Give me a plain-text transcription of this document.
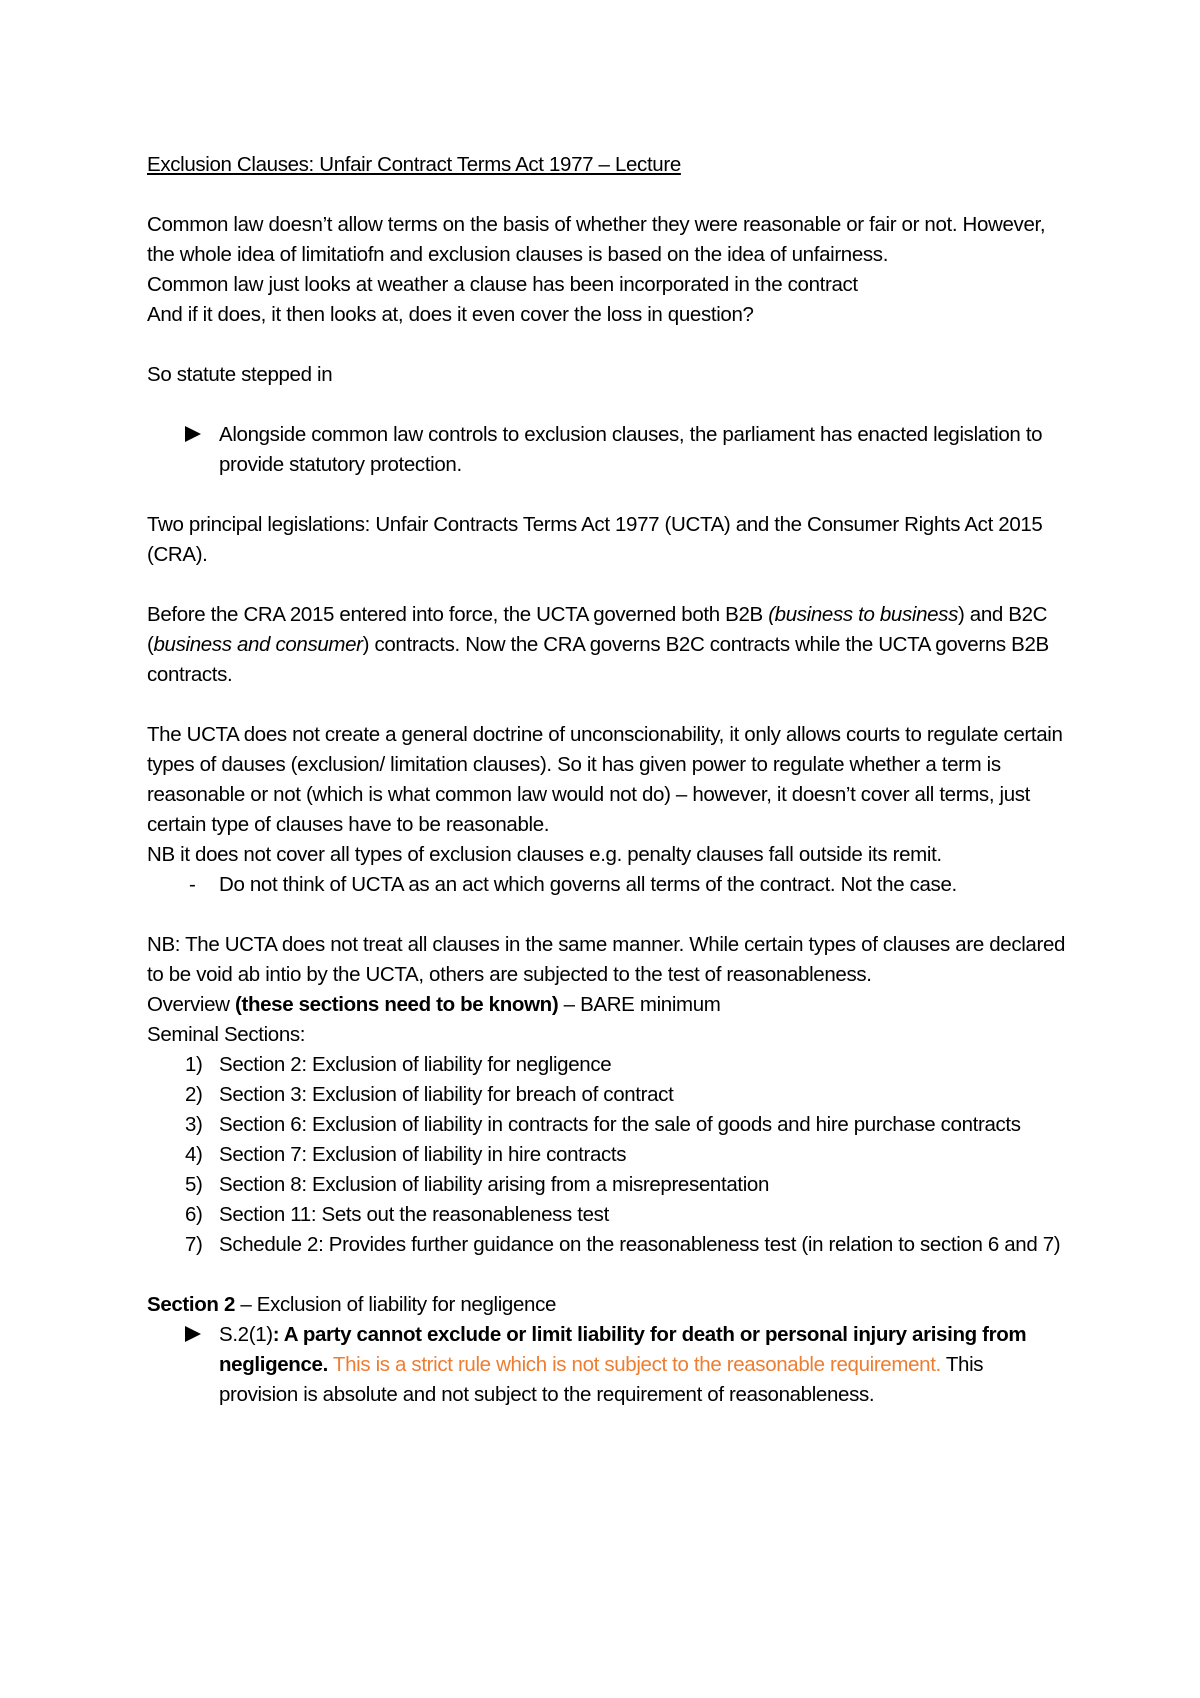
Exclusion Clauses: Unfair Contract Terms Act 1977 – Lecture

Common law doesn’t allow terms on the basis of whether they were reasonable or fair or not. However, the whole idea of limitatiofn and exclusion clauses is based on the idea of unfairness.

Common law just looks at weather a clause has been incorporated in the contract

And if it does, it then looks at, does it even cover the loss in question?

So statute stepped in

Alongside common law controls to exclusion clauses, the parliament has enacted legislation to provide statutory protection.

Two principal legislations: Unfair Contracts Terms Act 1977 (UCTA) and the Consumer Rights Act 2015 (CRA).

Before the CRA 2015 entered into force, the UCTA governed both B2B (business to business) and B2C (business and consumer) contracts. Now the CRA governs B2C contracts while the UCTA governs B2B contracts.

The UCTA does not create a general doctrine of unconscionability, it only allows courts to regulate certain types of dauses (exclusion/ limitation clauses). So it has given power to regulate whether a term is reasonable or not (which is what common law would not do) – however, it doesn’t cover all terms, just certain type of clauses have to be reasonable.

NB it does not cover all types of exclusion clauses e.g. penalty clauses fall outside its remit.

- Do not think of UCTA as an act which governs all terms of the contract. Not the case.

NB: The UCTA does not treat all clauses in the same manner. While certain types of clauses are declared to be void ab intio by the UCTA, others are subjected to the test of reasonableness.

Overview (these sections need to be known) – BARE minimum

Seminal Sections:

1) Section 2: Exclusion of liability for negligence
2) Section 3: Exclusion of liability for breach of contract
3) Section 6: Exclusion of liability in contracts for the sale of goods and hire purchase contracts
4) Section 7: Exclusion of liability in hire contracts
5) Section 8: Exclusion of liability arising from a misrepresentation
6) Section 11: Sets out the reasonableness test
7) Schedule 2: Provides further guidance on the reasonableness test (in relation to section 6 and 7)

Section 2 – Exclusion of liability for negligence

S.2(1): A party cannot exclude or limit liability for death or personal injury arising from negligence. This is a strict rule which is not subject to the reasonable requirement. This provision is absolute and not subject to the requirement of reasonableness.
